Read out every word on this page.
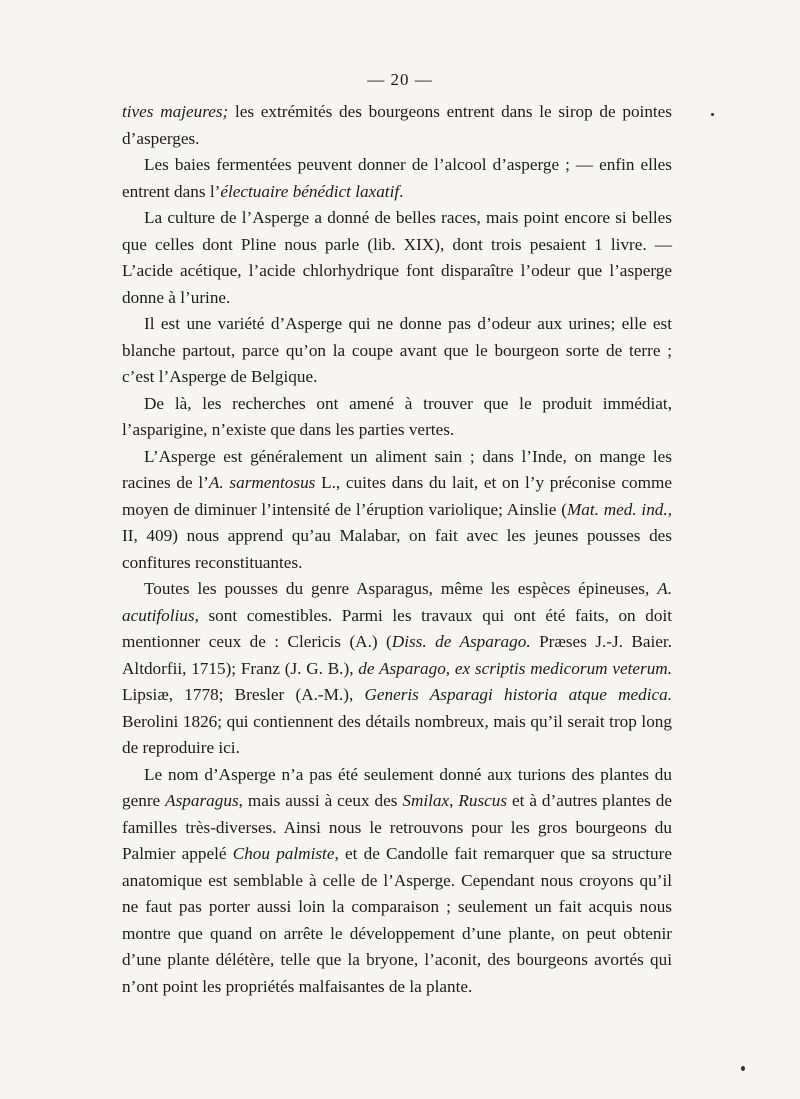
— 20 —

tives majeures; les extrémités des bourgeons entrent dans le sirop de pointes d’asperges.

Les baies fermentées peuvent donner de l’alcool d’asperge ; — enfin elles entrent dans l’électuaire bénédict laxatif.

La culture de l’Asperge a donné de belles races, mais point encore si belles que celles dont Pline nous parle (lib. XIX), dont trois pesaient 1 livre. — L’acide acétique, l’acide chlorhydrique font disparaître l’odeur que l’asperge donne à l’urine.

Il est une variété d’Asperge qui ne donne pas d’odeur aux urines; elle est blanche partout, parce qu’on la coupe avant que le bourgeon sorte de terre ; c’est l’Asperge de Belgique.

De là, les recherches ont amené à trouver que le produit immédiat, l’asparigine, n’existe que dans les parties vertes.

L’Asperge est généralement un aliment sain ; dans l’Inde, on mange les racines de l’A. sarmentosus L., cuites dans du lait, et on l’y préconise comme moyen de diminuer l’intensité de l’éruption variolique; Ainslie (Mat. med. ind., II, 409) nous apprend qu’au Malabar, on fait avec les jeunes pousses des confitures reconstituantes.

Toutes les pousses du genre Asparagus, même les espèces épineuses, A. acutifolius, sont comestibles. Parmi les travaux qui ont été faits, on doit mentionner ceux de : Clericis (A.) (Diss. de Asparago. Præses J.-J. Baier. Altdorfii, 1715); Franz (J. G. B.), de Asparago, ex scriptis medicorum veterum. Lipsiæ, 1778; Bresler (A.-M.), Generis Asparagi historia atque medica. Berolini 1826; qui contiennent des détails nombreux, mais qu’il serait trop long de reproduire ici.

Le nom d’Asperge n’a pas été seulement donné aux turions des plantes du genre Asparagus, mais aussi à ceux des Smilax, Ruscus et à d’autres plantes de familles très-diverses. Ainsi nous le retrouvons pour les gros bourgeons du Palmier appelé Chou palmiste, et de Candolle fait remarquer que sa structure anatomique est semblable à celle de l’Asperge. Cependant nous croyons qu’il ne faut pas porter aussi loin la comparaison ; seulement un fait acquis nous montre que quand on arrête le développement d’une plante, on peut obtenir d’une plante délétère, telle que la bryone, l’aconit, des bourgeons avortés qui n’ont point les propriétés malfaisantes de la plante.
